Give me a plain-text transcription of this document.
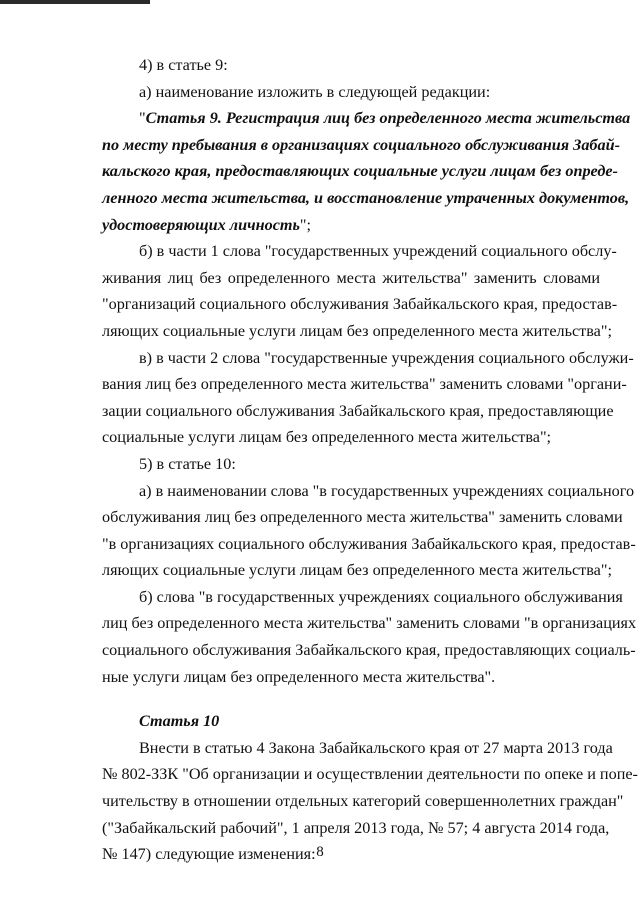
4) в статье 9:
а) наименование изложить в следующей редакции:
"Статья 9. Регистрация лиц без определенного места жительства
по месту пребывания в организациях социального обслуживания Забай-
кальского края, предоставляющих социальные услуги лицам без опреде-
ленного места жительства, и восстановление утраченных документов,
удостоверяющих личность";
б) в части 1 слова "государственных учреждений социального обслу-
живания лиц без определенного места жительства" заменить словами
"организаций социального обслуживания Забайкальского края, предостав-
ляющих социальные услуги лицам без определенного места жительства";
в) в части 2 слова "государственные учреждения социального обслужи-
вания лиц без определенного места жительства" заменить словами "органи-
зации социального обслуживания Забайкальского края, предоставляющие
социальные услуги лицам без определенного места жительства";
5) в статье 10:
а) в наименовании слова "в государственных учреждениях социального
обслуживания лиц без определенного места жительства" заменить словами
"в организациях социального обслуживания Забайкальского края, предостав-
ляющих социальные услуги лицам без определенного места жительства";
б) слова "в государственных учреждениях социального обслуживания
лиц без определенного места жительства" заменить словами "в организациях
социального обслуживания Забайкальского края, предоставляющих социаль-
ные услуги лицам без определенного места жительства".
Статья 10
Внести в статью 4 Закона Забайкальского края от 27 марта 2013 года
№ 802-ЗЗК "Об организации и осуществлении деятельности по опеке и попе-
чительству в отношении отдельных категорий совершеннолетних граждан"
("Забайкальский рабочий", 1 апреля 2013 года, № 57; 4 августа 2014 года,
№ 147) следующие изменения: 8
